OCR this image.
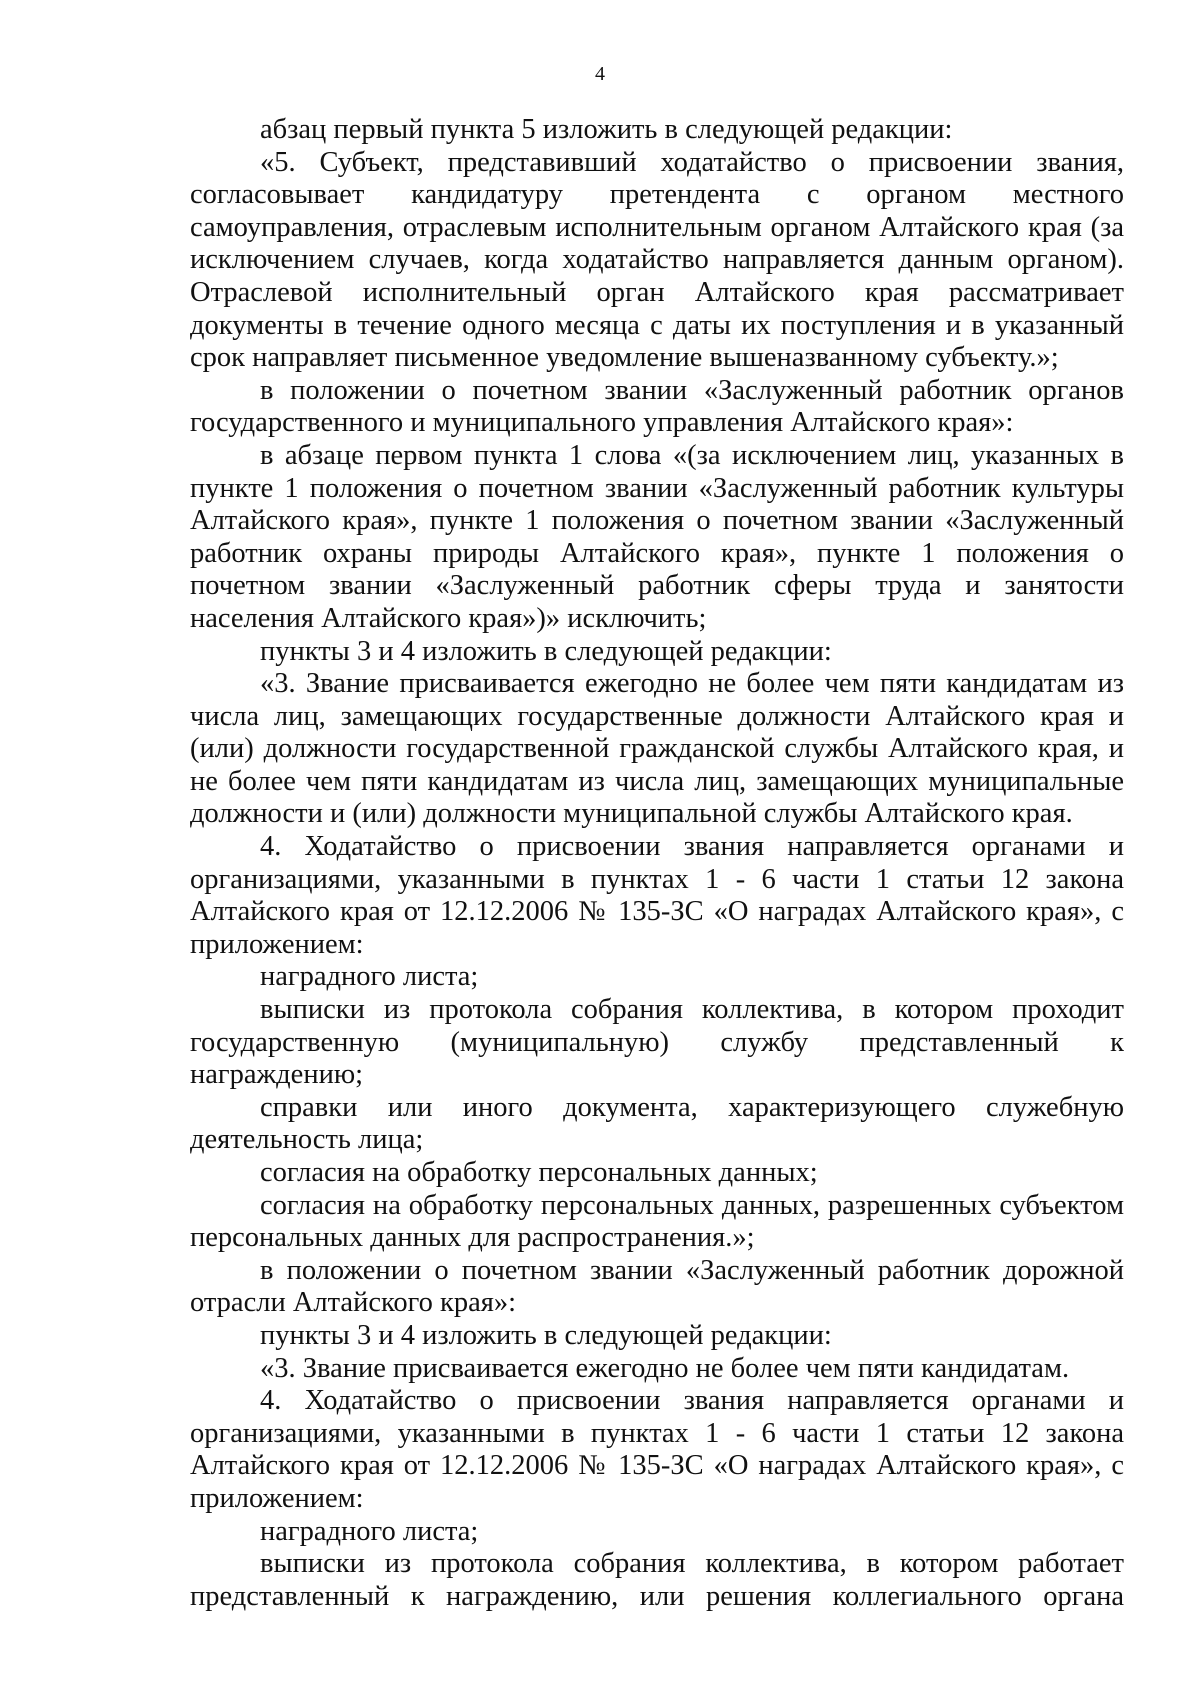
4

абзац первый пункта 5 изложить в следующей редакции:

«5. Субъект, представивший ходатайство о присвоении звания, согласовывает кандидатуру претендента с органом местного самоуправления, отраслевым исполнительным органом Алтайского края (за исключением случаев, когда ходатайство направляется данным органом). Отраслевой исполнительный орган Алтайского края рассматривает документы в течение одного месяца с даты их поступления и в указанный срок направляет письменное уведомление вышеназванному субъекту.»;

в положении о почетном звании «Заслуженный работник органов государственного и муниципального управления Алтайского края»:

в абзаце первом пункта 1 слова «(за исключением лиц, указанных в пункте 1 положения о почетном звании «Заслуженный работник культуры Алтайского края», пункте 1 положения о почетном звании «Заслуженный работник охраны природы Алтайского края», пункте 1 положения о почетном звании «Заслуженный работник сферы труда и занятости населения Алтайского края»)» исключить;

пункты 3 и 4 изложить в следующей редакции:

«3. Звание присваивается ежегодно не более чем пяти кандидатам из числа лиц, замещающих государственные должности Алтайского края и (или) должности государственной гражданской службы Алтайского края, и не более чем пяти кандидатам из числа лиц, замещающих муниципальные должности и (или) должности муниципальной службы Алтайского края.

4. Ходатайство о присвоении звания направляется органами и организациями, указанными в пунктах 1 - 6 части 1 статьи 12 закона Алтайского края от 12.12.2006 № 135-ЗС «О наградах Алтайского края», с приложением:

наградного листа;

выписки из протокола собрания коллектива, в котором проходит государственную (муниципальную) службу представленный к награждению;

справки или иного документа, характеризующего служебную деятельность лица;

согласия на обработку персональных данных;

согласия на обработку персональных данных, разрешенных субъектом персональных данных для распространения.»;

в положении о почетном звании «Заслуженный работник дорожной отрасли Алтайского края»:

пункты 3 и 4 изложить в следующей редакции:

«3. Звание присваивается ежегодно не более чем пяти кандидатам.

4. Ходатайство о присвоении звания направляется органами и организациями, указанными в пунктах 1 - 6 части 1 статьи 12 закона Алтайского края от 12.12.2006 № 135-ЗС «О наградах Алтайского края», с приложением:

наградного листа;

выписки из протокола собрания коллектива, в котором работает представленный к награждению, или решения коллегиального органа
